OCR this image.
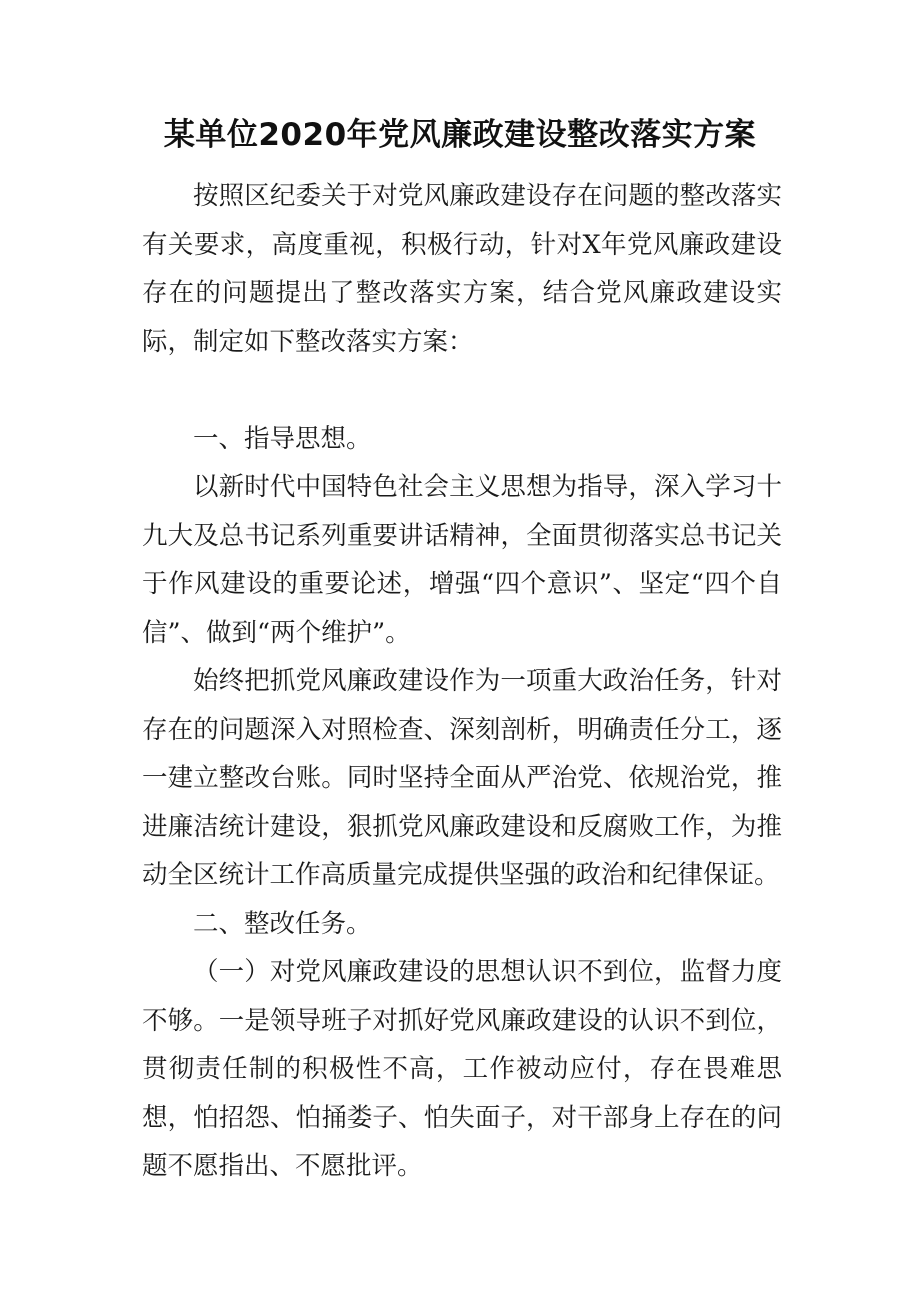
某单位2020年党风廉政建设整改落实方案

按照区纪委关于对党风廉政建设存在问题的整改落实有关要求，高度重视，积极行动，针对X年党风廉政建设存在的问题提出了整改落实方案，结合党风廉政建设实际，制定如下整改落实方案：

一、指导思想。

以新时代中国特色社会主义思想为指导，深入学习十九大及总书记系列重要讲话精神，全面贯彻落实总书记关于作风建设的重要论述，增强“四个意识”、坚定“四个自信”、做到“两个维护”。

始终把抓党风廉政建设作为一项重大政治任务，针对存在的问题深入对照检查、深刻剖析，明确责任分工，逐一建立整改台账。同时坚持全面从严治党、依规治党，推进廉洁统计建设，狠抓党风廉政建设和反腐败工作，为推动全区统计工作高质量完成提供坚强的政治和纪律保证。

二、整改任务。

（一）对党风廉政建设的思想认识不到位，监督力度不够。一是领导班子对抓好党风廉政建设的认识不到位，贯彻责任制的积极性不高，工作被动应付，存在畏难思想，怕招怨、怕捅娄子、怕失面子，对干部身上存在的问题不愿指出、不愿批评。
